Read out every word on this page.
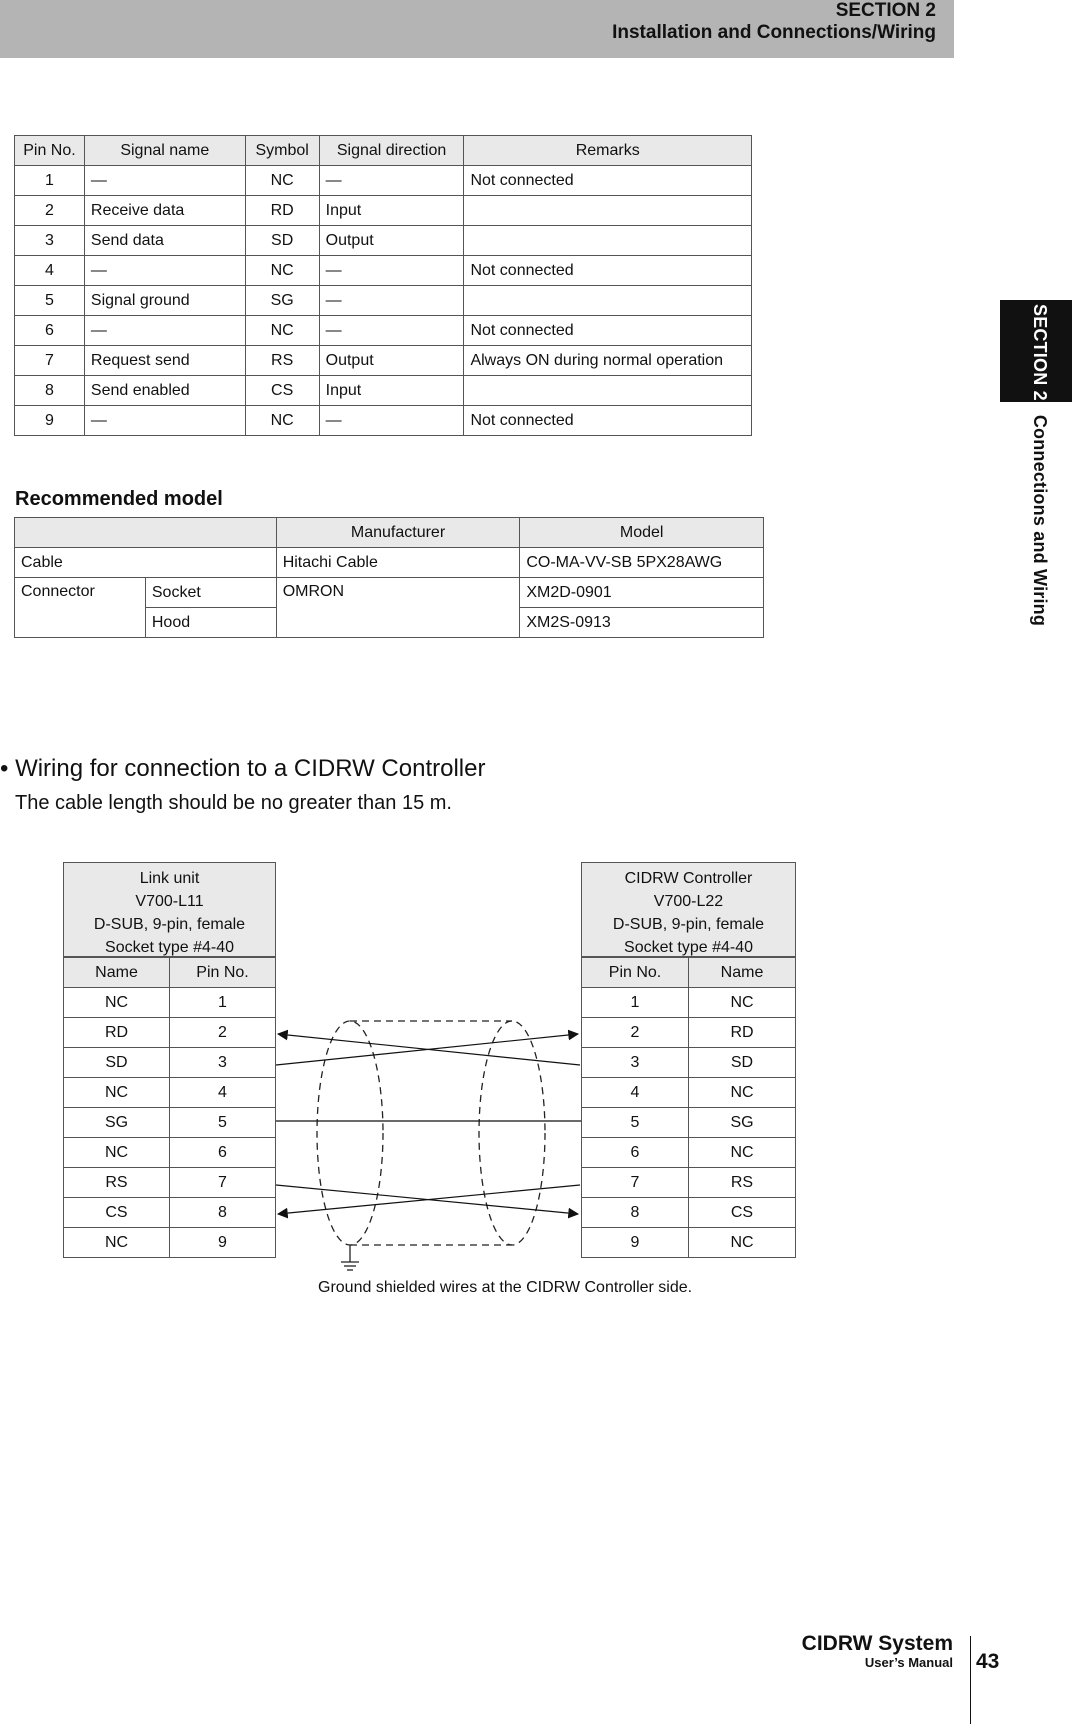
SECTION 2
Installation and Connections/Wiring
SECTION 2Connections and Wiring
Pin No.	Signal name	Symbol	Signal direction	Remarks
1	—	NC	—	Not connected
2	Receive data	RD	Input	
3	Send data	SD	Output	
4	—	NC	—	Not connected
5	Signal ground	SG	—	
6	—	NC	—	Not connected
7	Request send	RS	Output	Always ON during normal operation
8	Send enabled	CS	Input	
9	—	NC	—	Not connected
Recommended model
		Manufacturer	Model
Cable		Hitachi Cable	CO-MA-VV-SB 5PX28AWG
Connector	Socket	OMRON	XM2D-0901
	Hood		XM2S-0913
• Wiring for connection to a CIDRW Controller
The cable length should be no greater than 15 m.
Link unit
V700-L11
D-SUB, 9-pin, female
Socket type #4-40
Name	Pin No.
NC	1
RD	2
SD	3
NC	4
SG	5
NC	6
RS	7
CS	8
NC	9
CIDRW Controller
V700-L22
D-SUB, 9-pin, female
Socket type #4-40
Pin No.	Name
1	NC
2	RD
3	SD
4	NC
5	SG
6	NC
7	RS
8	CS
9	NC
Ground shielded wires at the CIDRW Controller side.
CIDRW System
User’s Manual 43
